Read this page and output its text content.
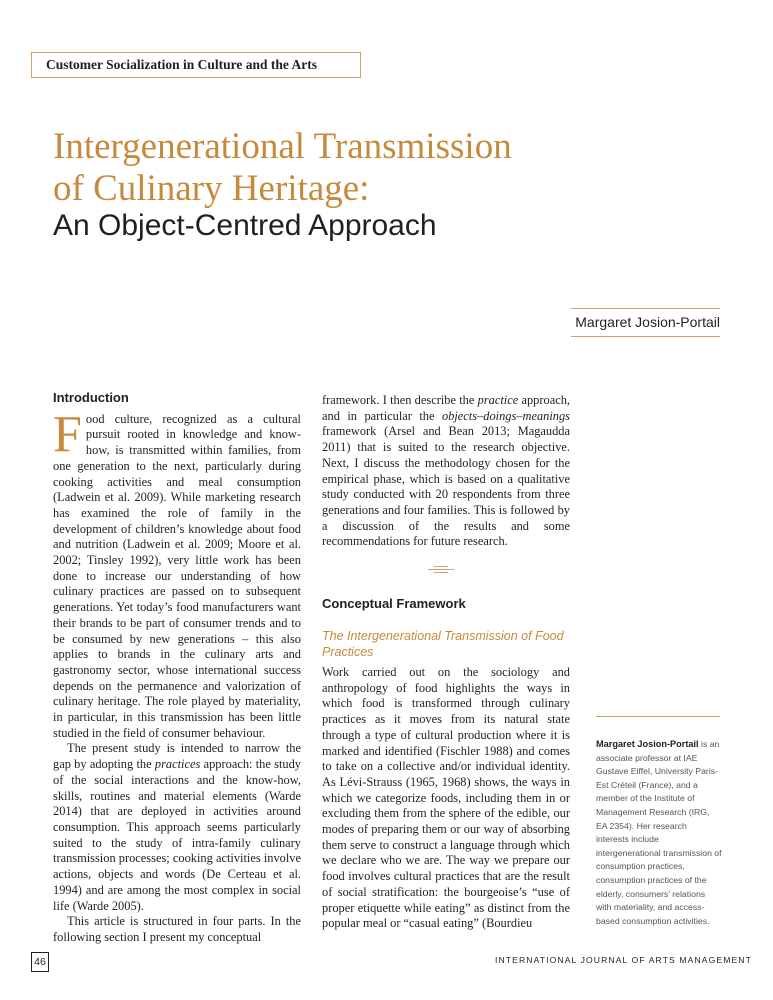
Customer Socialization in Culture and the Arts
Intergenerational Transmission
of Culinary Heritage:
An Object-Centred Approach
Margaret Josion-Portail
Introduction

Food culture, recognized as a cultural pursuit rooted in knowledge and know-how, is transmitted within families, from one generation to the next, particularly during cooking activities and meal consumption (Ladwein et al. 2009). While marketing research has examined the role of family in the development of children’s knowledge about food and nutrition (Ladwein et al. 2009; Moore et al. 2002; Tinsley 1992), very little work has been done to increase our understanding of how culinary practices are passed on to subsequent generations. Yet today’s food manufacturers want their brands to be part of consumer trends and to be consumed by new generations – this also applies to brands in the culinary arts and gastronomy sector, whose international success depends on the permanence and valorization of culinary heritage. The role played by materiality, in particular, in this transmission has been little studied in the field of consumer behaviour.

The present study is intended to narrow the gap by adopting the practices approach: the study of the social interactions and the know-how, skills, routines and material elements (Warde 2014) that are deployed in activities around consumption. This approach seems particularly suited to the study of intra-family culinary transmission processes; cooking activities involve actions, objects and words (De Certeau et al. 1994) and are among the most complex in social life (Warde 2005).

This article is structured in four parts. In the following section I present my conceptual

framework. I then describe the practice approach, and in particular the objects–doings–meanings framework (Arsel and Bean 2013; Magaudda 2011) that is suited to the research objective. Next, I discuss the methodology chosen for the empirical phase, which is based on a qualitative study conducted with 20 respondents from three generations and four families. This is followed by a discussion of the results and some recommendations for future research.

Conceptual Framework
The Intergenerational Transmission of Food Practices

Work carried out on the sociology and anthropology of food highlights the ways in which food is transformed through culinary practices as it moves from its natural state through a type of cultural production where it is marked and identified (Fischler 1988) and comes to take on a collective and/or individual identity. As Lévi-Strauss (1965, 1968) shows, the ways in which we categorize foods, including them in or excluding them from the sphere of the edible, our modes of preparing them or our way of absorbing them serve to construct a language through which we declare who we are. The way we prepare our food involves cultural practices that are the result of social stratification: the bourgeoise’s “use of proper etiquette while eating” as distinct from the popular meal or “casual eating” (Bourdieu

Margaret Josion-Portail is an associate professor at IAE Gustave Eiffel, University Paris-Est Créteil (France), and a member of the Institute of Management Research (IRG, EA 2354). Her research interests include intergenerational transmission of consumption practices, consumption practices of the elderly, consumers’ relations with materiality, and access-based consumption activities.
46	INTERNATIONAL JOURNAL OF ARTS MANAGEMENT
